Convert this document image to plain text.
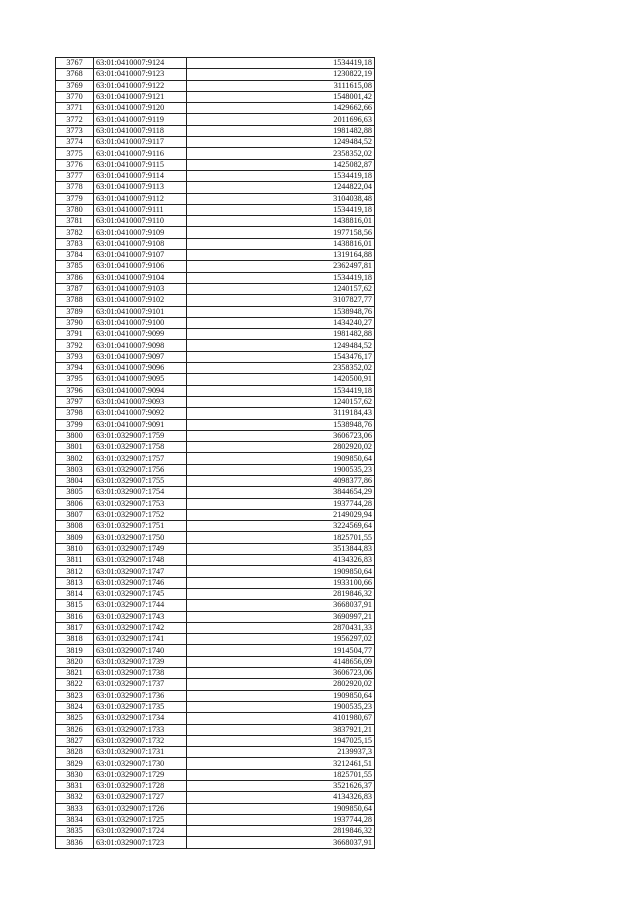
3767	63:01:0410007:9124	1534419,18
3768	63:01:0410007:9123	1230822,19
3769	63:01:0410007:9122	3111615,08
3770	63:01:0410007:9121	1548001,42
3771	63:01:0410007:9120	1429662,66
3772	63:01:0410007:9119	2011696,63
3773	63:01:0410007:9118	1981482,88
3774	63:01:0410007:9117	1249484,52
3775	63:01:0410007:9116	2358352,02
3776	63:01:0410007:9115	1425082,87
3777	63:01:0410007:9114	1534419,18
3778	63:01:0410007:9113	1244822,04
3779	63:01:0410007:9112	3104038,48
3780	63:01:0410007:9111	1534419,18
3781	63:01:0410007:9110	1438816,01
3782	63:01:0410007:9109	1977158,56
3783	63:01:0410007:9108	1438816,01
3784	63:01:0410007:9107	1319164,88
3785	63:01:0410007:9106	2362497,81
3786	63:01:0410007:9104	1534419,18
3787	63:01:0410007:9103	1240157,62
3788	63:01:0410007:9102	3107827,77
3789	63:01:0410007:9101	1538948,76
3790	63:01:0410007:9100	1434240,27
3791	63:01:0410007:9099	1981482,88
3792	63:01:0410007:9098	1249484,52
3793	63:01:0410007:9097	1543476,17
3794	63:01:0410007:9096	2358352,02
3795	63:01:0410007:9095	1420500,91
3796	63:01:0410007:9094	1534419,18
3797	63:01:0410007:9093	1240157,62
3798	63:01:0410007:9092	3119184,43
3799	63:01:0410007:9091	1538948,76
3800	63:01:0329007:1759	3606723,06
3801	63:01:0329007:1758	2802920,02
3802	63:01:0329007:1757	1909850,64
3803	63:01:0329007:1756	1900535,23
3804	63:01:0329007:1755	4098377,86
3805	63:01:0329007:1754	3844654,29
3806	63:01:0329007:1753	1937744,28
3807	63:01:0329007:1752	2149029,94
3808	63:01:0329007:1751	3224569,64
3809	63:01:0329007:1750	1825701,55
3810	63:01:0329007:1749	3513844,83
3811	63:01:0329007:1748	4134326,83
3812	63:01:0329007:1747	1909850,64
3813	63:01:0329007:1746	1933100,66
3814	63:01:0329007:1745	2819846,32
3815	63:01:0329007:1744	3668037,91
3816	63:01:0329007:1743	3690997,21
3817	63:01:0329007:1742	2870431,33
3818	63:01:0329007:1741	1956297,02
3819	63:01:0329007:1740	1914504,77
3820	63:01:0329007:1739	4148656,09
3821	63:01:0329007:1738	3606723,06
3822	63:01:0329007:1737	2802920,02
3823	63:01:0329007:1736	1909850,64
3824	63:01:0329007:1735	1900535,23
3825	63:01:0329007:1734	4101980,67
3826	63:01:0329007:1733	3837921,21
3827	63:01:0329007:1732	1947025,15
3828	63:01:0329007:1731	2139937,3
3829	63:01:0329007:1730	3212461,51
3830	63:01:0329007:1729	1825701,55
3831	63:01:0329007:1728	3521626,37
3832	63:01:0329007:1727	4134326,83
3833	63:01:0329007:1726	1909850,64
3834	63:01:0329007:1725	1937744,28
3835	63:01:0329007:1724	2819846,32
3836	63:01:0329007:1723	3668037,91
